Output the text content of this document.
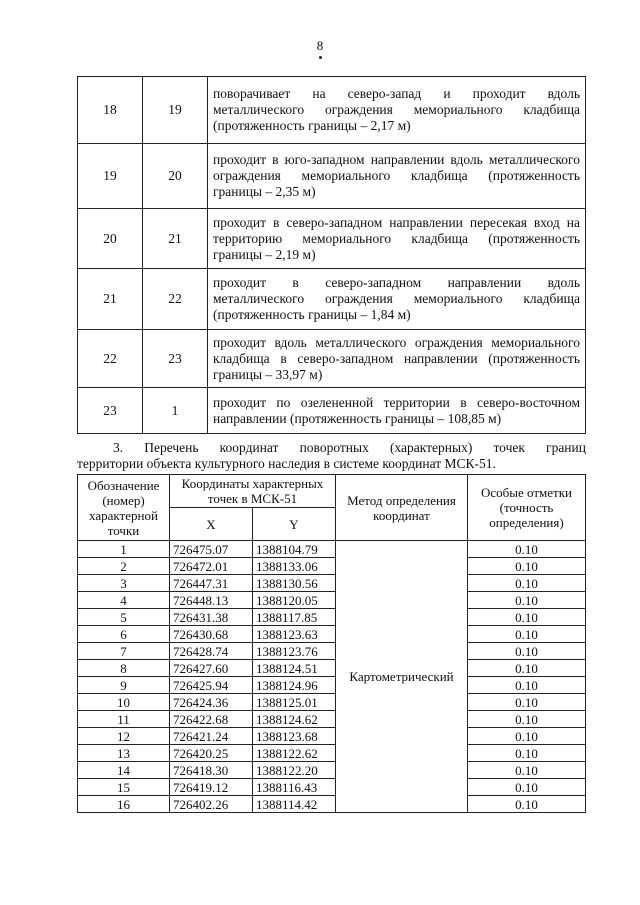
8
18	19	поворачивает на северо-запад и проходит вдоль металлического ограждения мемориального кладбища (протяженность границы – 2,17 м)
19	20	проходит в юго-западном направлении вдоль металлического ограждения мемориального кладбища (протяженность границы – 2,35 м)
20	21	проходит в северо-западном направлении пересекая вход на территорию мемориального кладбища (протяженность границы – 2,19 м)
21	22	проходит в северо-западном направлении вдоль металлического ограждения мемориального кладбища (протяженность границы – 1,84 м)
22	23	проходит вдоль металлического ограждения мемориального кладбища в северо-западном направлении (протяженность границы – 33,97 м)
23	1	проходит по озелененной территории в северо-восточном направлении (протяженность границы – 108,85 м)
3. Перечень координат поворотных (характерных) точек границ
территории объекта культурного наследия в системе координат МСК-51.
Обозначение (номер) характерной точки	Координаты характерных точек в МСК-51		Метод определения координат	Особые отметки (точность определения)
	X	Y		
1	726475.07	1388104.79	Картометрический	0.10
2	726472.01	1388133.06		0.10
3	726447.31	1388130.56		0.10
4	726448.13	1388120.05		0.10
5	726431.38	1388117.85		0.10
6	726430.68	1388123.63		0.10
7	726428.74	1388123.76		0.10
8	726427.60	1388124.51		0.10
9	726425.94	1388124.96		0.10
10	726424.36	1388125.01		0.10
11	726422.68	1388124.62		0.10
12	726421.24	1388123.68		0.10
13	726420.25	1388122.62		0.10
14	726418.30	1388122.20		0.10
15	726419.12	1388116.43		0.10
16	726402.26	1388114.42		0.10
